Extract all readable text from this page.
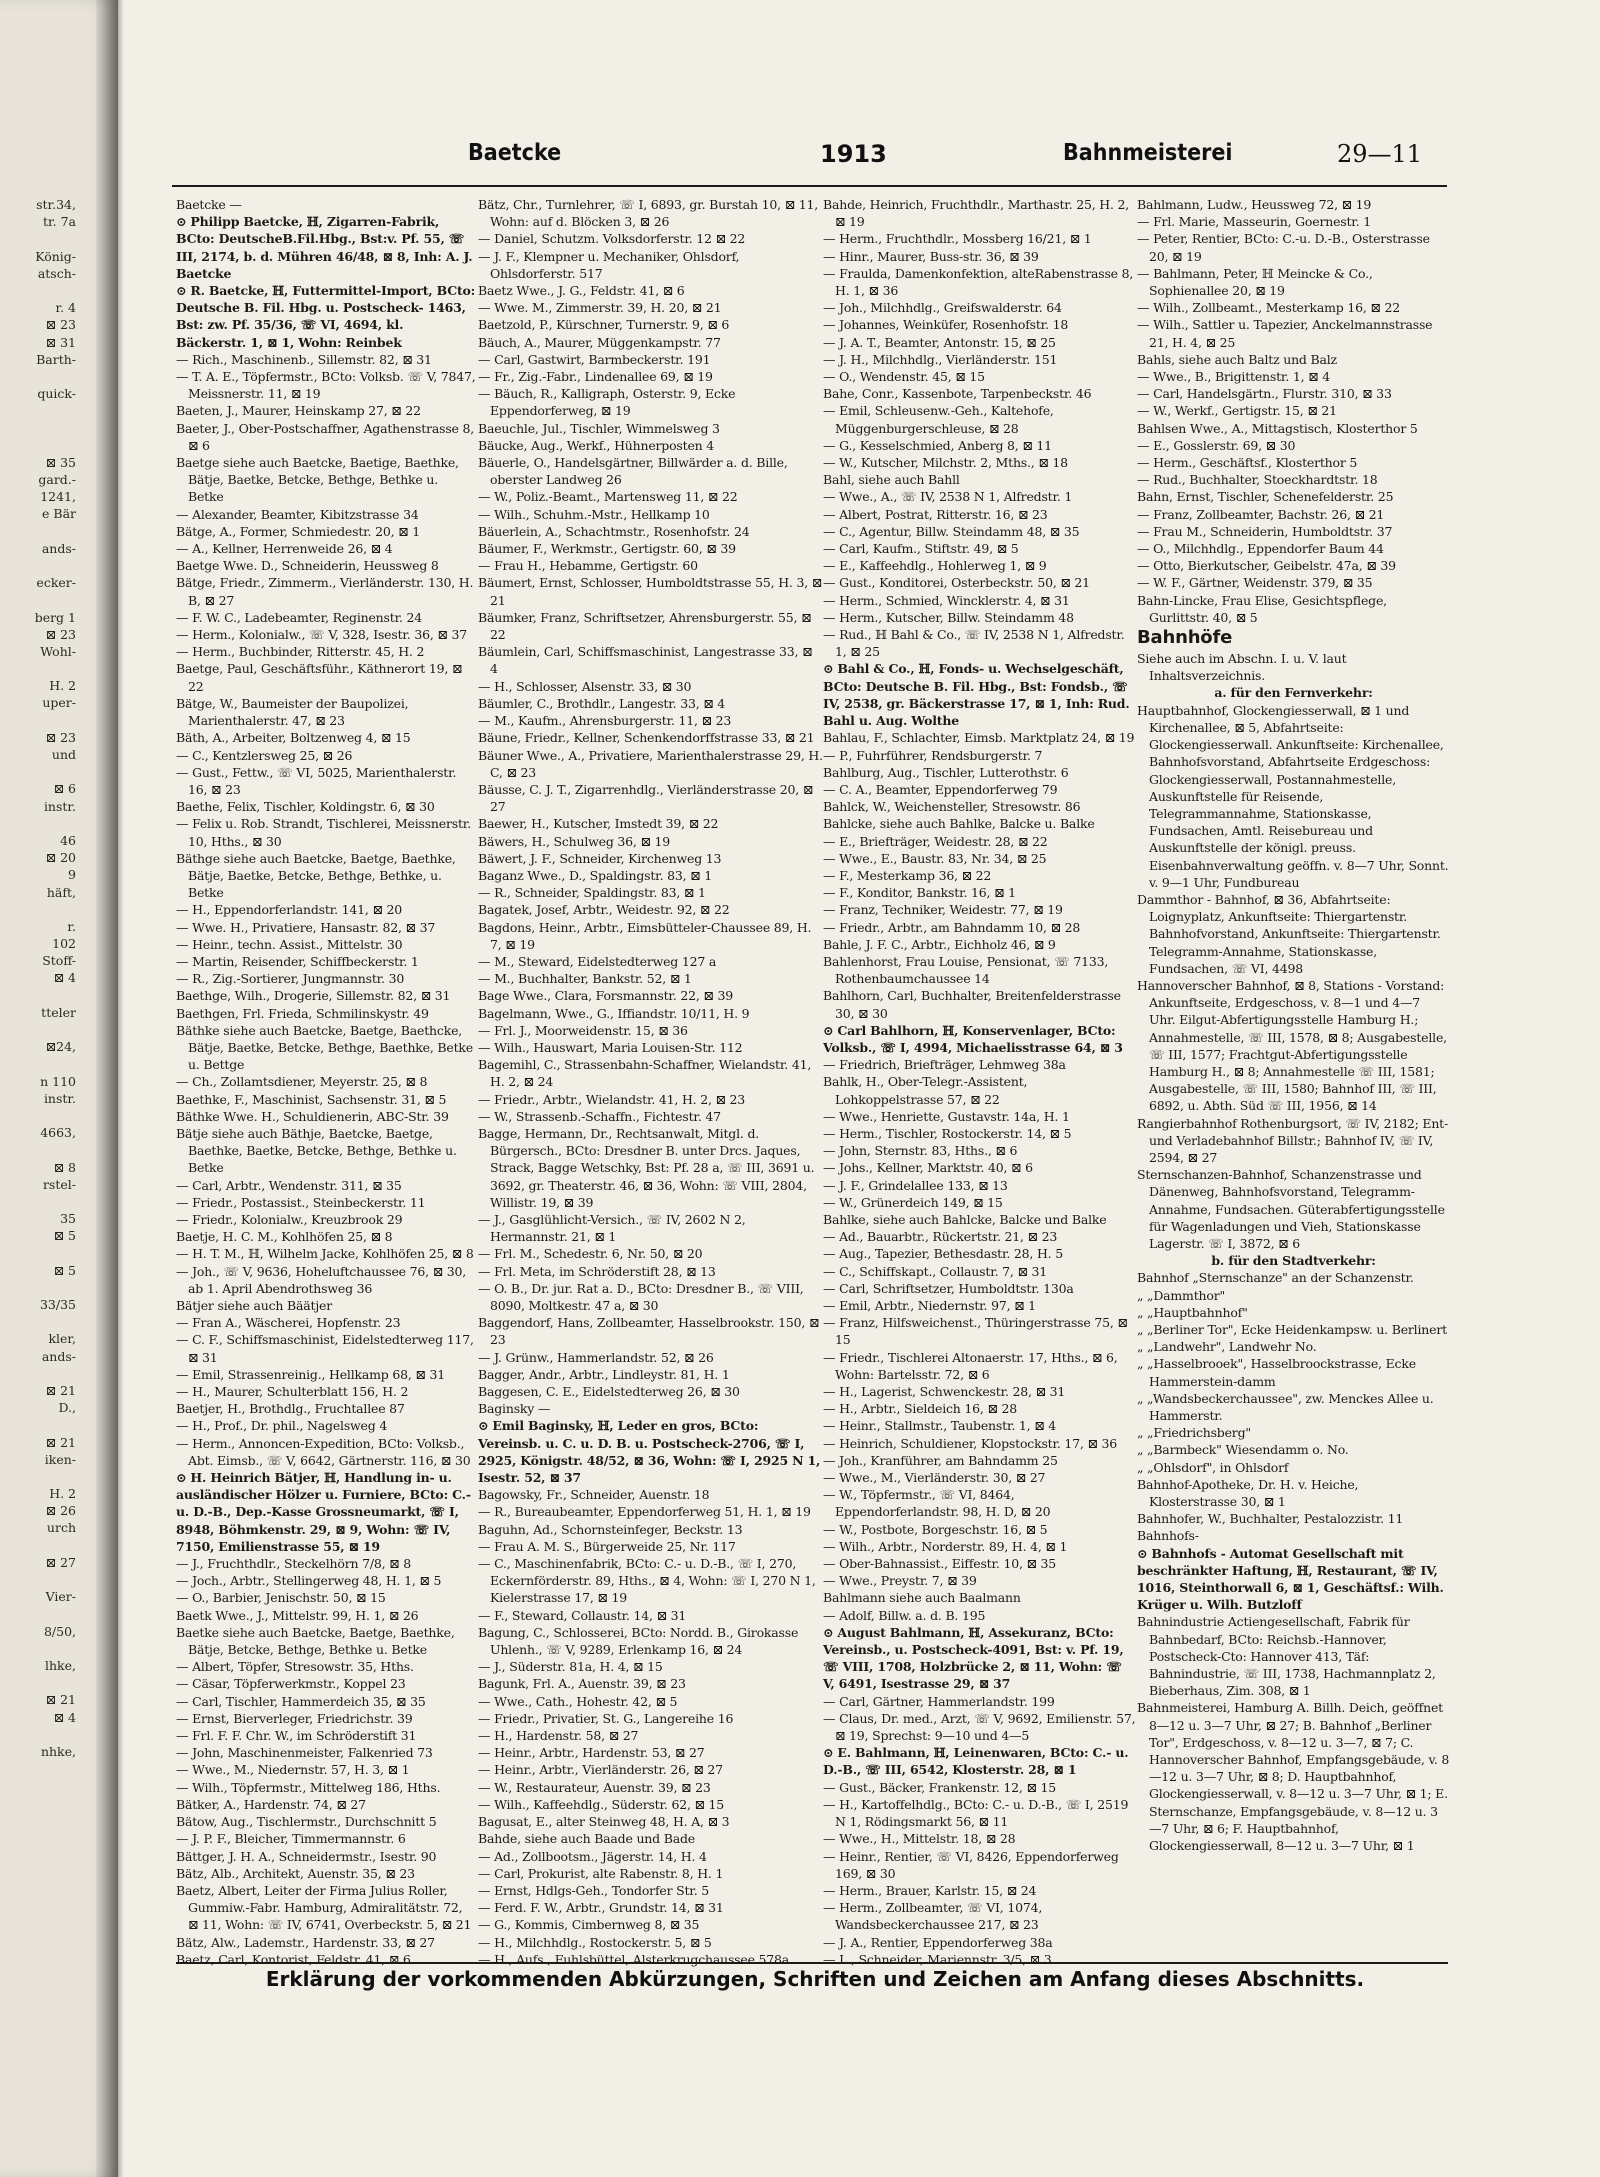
str.34,
tr. 7a
König-
atsch-
r. 4
⊠ 23
⊠ 31
Barth-
quick-
⊠ 35
gard.-
1241,
e Bär
ands-
ecker-
berg 1
⊠ 23
Wohl-
H. 2
uper-
⊠ 23
und
⊠ 6
instr.
46
⊠ 20
9
häft,
r.
102
Stoff-
⊠ 4
tteler
⊠24,
n 110
instr.
4663,
⊠ 8
rstel-
35
⊠ 5
⊠ 5
33/35
kler,
ands-
⊠ 21
D.,
⊠ 21
iken-
H. 2
⊠ 26
urch
⊠ 27
Vier-
8/50,
lhke,
⊠ 21
⊠ 4
nhke,
Baetcke	1913	Bahnmeisterei	29—11
Baetcke —
⊙ Philipp Baetcke, ℍ, Zigarren-Fabrik, BCto: DeutscheB.Fil.Hbg., Bst:v. Pf. 55, ☏ III, 2174, b. d. Mühren 46/48, ⊠ 8, Inh: A. J. Baetcke
⊙ R. Baetcke, ℍ, Futtermittel-Import, BCto: Deutsche B. Fil. Hbg. u. Postscheck- 1463, Bst: zw. Pf. 35/36, ☏ VI, 4694, kl. Bäckerstr. 1, ⊠ 1, Wohn: Reinbek
— Rich., Maschinenb., Sillemstr. 82, ⊠ 31
— T. A. E., Töpfermstr., BCto: Volksb. ☏ V, 7847, Meissnerstr. 11, ⊠ 19
Baeten, J., Maurer, Heinskamp 27, ⊠ 22
Baeter, J., Ober-Postschaffner, Agathenstrasse 8, ⊠ 6
Baetge siehe auch Baetcke, Baetige, Baethke, Bätje, Baetke, Betcke, Bethge, Bethke u. Betke
— Alexander, Beamter, Kibitzstrasse 34
Bätge, A., Former, Schmiedestr. 20, ⊠ 1
— A., Kellner, Herrenweide 26, ⊠ 4
Baetge Wwe. D., Schneiderin, Heussweg 8
Bätge, Friedr., Zimmerm., Vierländerstr. 130, H. B, ⊠ 27
— F. W. C., Ladebeamter, Reginenstr. 24
— Herm., Kolonialw., ☏ V, 328, Isestr. 36, ⊠ 37
— Herm., Buchbinder, Ritterstr. 45, H. 2
Baetge, Paul, Geschäftsführ., Käthnerort 19, ⊠ 22
Bätge, W., Baumeister der Baupolizei, Marienthalerstr. 47, ⊠ 23
Bäth, A., Arbeiter, Boltzenweg 4, ⊠ 15
— C., Kentzlersweg 25, ⊠ 26
— Gust., Fettw., ☏ VI, 5025, Marienthalerstr. 16, ⊠ 23
Baethe, Felix, Tischler, Koldingstr. 6, ⊠ 30
— Felix u. Rob. Strandt, Tischlerei, Meissnerstr. 10, Hths., ⊠ 30
Bäthge siehe auch Baetcke, Baetge, Baethke, Bätje, Baetke, Betcke, Bethge, Bethke, u. Betke
— H., Eppendorferlandstr. 141, ⊠ 20
— Wwe. H., Privatiere, Hansastr. 82, ⊠ 37
— Heinr., techn. Assist., Mittelstr. 30
— Martin, Reisender, Schiffbeckerstr. 1
— R., Zig.-Sortierer, Jungmannstr. 30
Baethge, Wilh., Drogerie, Sillemstr. 82, ⊠ 31
Baethgen, Frl. Frieda, Schmilinskystr. 49
Bäthke siehe auch Baetcke, Baetge, Baethcke, Bätje, Baetke, Betcke, Bethge, Baethke, Betke u. Bettge
— Ch., Zollamtsdiener, Meyerstr. 25, ⊠ 8
Baethke, F., Maschinist, Sachsenstr. 31, ⊠ 5
Bäthke Wwe. H., Schuldienerin, ABC-Str. 39
Bätje siehe auch Bäthje, Baetcke, Baetge, Baethke, Baetke, Betcke, Bethge, Bethke u. Betke
— Carl, Arbtr., Wendenstr. 311, ⊠ 35
— Friedr., Postassist., Steinbeckerstr. 11
— Friedr., Kolonialw., Kreuzbrook 29
Baetje, H. C. M., Kohlhöfen 25, ⊠ 8
— H. T. M., ℍ, Wilhelm Jacke, Kohlhöfen 25, ⊠ 8
— Joh., ☏ V, 9636, Hoheluftchaussee 76, ⊠ 30, ab 1. April Abendrothsweg 36
Bätjer siehe auch Bäätjer
— Fran A., Wäscherei, Hopfenstr. 23
— C. F., Schiffsmaschinist, Eidelstedterweg 117, ⊠ 31
— Emil, Strassenreinig., Hellkamp 68, ⊠ 31
— H., Maurer, Schulterblatt 156, H. 2
Baetjer, H., Brothdlg., Fruchtallee 87
— H., Prof., Dr. phil., Nagelsweg 4
— Herm., Annoncen-Expedition, BCto: Volksb., Abt. Eimsb., ☏ V, 6642, Gärtnerstr. 116, ⊠ 30
⊙ H. Heinrich Bätjer, ℍ, Handlung in- u. ausländischer Hölzer u. Furniere, BCto: C.- u. D.-B., Dep.-Kasse Grossneumarkt, ☏ I, 8948, Böhmkenstr. 29, ⊠ 9, Wohn: ☏ IV, 7150, Emilienstrasse 55, ⊠ 19
— J., Fruchthdlr., Steckelhörn 7/8, ⊠ 8
— Joch., Arbtr., Stellingerweg 48, H. 1, ⊠ 5
— O., Barbier, Jenischstr. 50, ⊠ 15
Baetk Wwe., J., Mittelstr. 99, H. 1, ⊠ 26
Baetke siehe auch Baetcke, Baetge, Baethke, Bätje, Betcke, Bethge, Bethke u. Betke
— Albert, Töpfer, Stresowstr. 35, Hths.
— Cäsar, Töpferwerkmstr., Koppel 23
— Carl, Tischler, Hammerdeich 35, ⊠ 35
— Ernst, Bierverleger, Friedrichstr. 39
— Frl. F. F. Chr. W., im Schröderstift 31
— John, Maschinenmeister, Falkenried 73
— Wwe., M., Niedernstr. 57, H. 3, ⊠ 1
— Wilh., Töpfermstr., Mittelweg 186, Hths.
Bätker, A., Hardenstr. 74, ⊠ 27
Bätow, Aug., Tischlermstr., Durchschnitt 5
— J. P. F., Bleicher, Timmermannstr. 6
Bättger, J. H. A., Schneidermstr., Isestr. 90
Bätz, Alb., Architekt, Auenstr. 35, ⊠ 23
Baetz, Albert, Leiter der Firma Julius Roller, Gummiw.-Fabr. Hamburg, Admiralitätstr. 72, ⊠ 11, Wohn: ☏ IV, 6741, Overbeckstr. 5, ⊠ 21
Bätz, Alw., Lademstr., Hardenstr. 33, ⊠ 27
Baetz, Carl, Kontorist, Feldstr. 41, ⊠ 6
Bätz, Chr., Turnlehrer, ☏ I, 6893, gr. Burstah 10, ⊠ 11, Wohn: auf d. Blöcken 3, ⊠ 26
— Daniel, Schutzm. Volksdorferstr. 12 ⊠ 22
— J. F., Klempner u. Mechaniker, Ohlsdorf, Ohlsdorferstr. 517
Baetz Wwe., J. G., Feldstr. 41, ⊠ 6
— Wwe. M., Zimmerstr. 39, H. 20, ⊠ 21
Baetzold, P., Kürschner, Turnerstr. 9, ⊠ 6
Bäuch, A., Maurer, Müggenkampstr. 77
— Carl, Gastwirt, Barmbeckerstr. 191
— Fr., Zig.-Fabr., Lindenallee 69, ⊠ 19
— Bäuch, R., Kalligraph, Osterstr. 9, Ecke Eppendorferweg, ⊠ 19
Baeuchle, Jul., Tischler, Wimmelsweg 3
Bäucke, Aug., Werkf., Hühnerposten 4
Bäuerle, O., Handelsgärtner, Billwärder a. d. Bille, oberster Landweg 26
— W., Poliz.-Beamt., Martensweg 11, ⊠ 22
— Wilh., Schuhm.-Mstr., Hellkamp 10
Bäuerlein, A., Schachtmstr., Rosenhofstr. 24
Bäumer, F., Werkmstr., Gertigstr. 60, ⊠ 39
— Frau H., Hebamme, Gertigstr. 60
Bäumert, Ernst, Schlosser, Humboldtstrasse 55, H. 3, ⊠ 21
Bäumker, Franz, Schriftsetzer, Ahrensburgerstr. 55, ⊠ 22
Bäumlein, Carl, Schiffsmaschinist, Langestrasse 33, ⊠ 4
— H., Schlosser, Alsenstr. 33, ⊠ 30
Bäumler, C., Brothdlr., Langestr. 33, ⊠ 4
— M., Kaufm., Ahrensburgerstr. 11, ⊠ 23
Bäune, Friedr., Kellner, Schenkendorffstrasse 33, ⊠ 21
Bäuner Wwe., A., Privatiere, Marienthalerstrasse 29, H. C, ⊠ 23
Bäusse, C. J. T., Zigarrenhdlg., Vierländerstrasse 20, ⊠ 27
Baewer, H., Kutscher, Imstedt 39, ⊠ 22
Bäwers, H., Schulweg 36, ⊠ 19
Bäwert, J. F., Schneider, Kirchenweg 13
Baganz Wwe., D., Spaldingstr. 83, ⊠ 1
— R., Schneider, Spaldingstr. 83, ⊠ 1
Bagatek, Josef, Arbtr., Weidestr. 92, ⊠ 22
Bagdons, Heinr., Arbtr., Eimsbütteler-Chaussee 89, H. 7, ⊠ 19
— M., Steward, Eidelstedterweg 127 a
— M., Buchhalter, Bankstr. 52, ⊠ 1
Bage Wwe., Clara, Forsmannstr. 22, ⊠ 39
Bagelmann, Wwe., G., Iffiandstr. 10/11, H. 9
— Frl. J., Moorweidenstr. 15, ⊠ 36
— Wilh., Hauswart, Maria Louisen-Str. 112
Bagemihl, C., Strassenbahn-Schaffner, Wielandstr. 41, H. 2, ⊠ 24
— Friedr., Arbtr., Wielandstr. 41, H. 2, ⊠ 23
— W., Strassenb.-Schaffn., Fichtestr. 47
Bagge, Hermann, Dr., Rechtsanwalt, Mitgl. d. Bürgersch., BCto: Dresdner B. unter Drcs. Jaques, Strack, Bagge Wetschky, Bst: Pf. 28 a, ☏ III, 3691 u. 3692, gr. Theaterstr. 46, ⊠ 36, Wohn: ☏ VIII, 2804, Willistr. 19, ⊠ 39
— J., Gasglühlicht-Versich., ☏ IV, 2602 N 2, Hermannstr. 21, ⊠ 1
— Frl. M., Schedestr. 6, Nr. 50, ⊠ 20
— Frl. Meta, im Schröderstift 28, ⊠ 13
— O. B., Dr. jur. Rat a. D., BCto: Dresdner B., ☏ VIII, 8090, Moltkestr. 47 a, ⊠ 30
Baggendorf, Hans, Zollbeamter, Hasselbrookstr. 150, ⊠ 23
— J. Grünw., Hammerlandstr. 52, ⊠ 26
Bagger, Andr., Arbtr., Lindleystr. 81, H. 1
Baggesen, C. E., Eidelstedterweg 26, ⊠ 30
Baginsky —
⊙ Emil Baginsky, ℍ, Leder en gros, BCto: Vereinsb. u. C. u. D. B. u. Postscheck-2706, ☏ I, 2925, Königstr. 48/52, ⊠ 36, Wohn: ☏ I, 2925 N 1, Isestr. 52, ⊠ 37
Bagowsky, Fr., Schneider, Auenstr. 18
— R., Bureaubeamter, Eppendorferweg 51, H. 1, ⊠ 19
Baguhn, Ad., Schornsteinfeger, Beckstr. 13
— Frau A. M. S., Bürgerweide 25, Nr. 117
— C., Maschinenfabrik, BCto: C.- u. D.-B., ☏ I, 270, Eckernförderstr. 89, Hths., ⊠ 4, Wohn: ☏ I, 270 N 1, Kielerstrasse 17, ⊠ 19
— F., Steward, Collaustr. 14, ⊠ 31
Bagung, C., Schlosserei, BCto: Nordd. B., Girokasse Uhlenh., ☏ V, 9289, Erlenkamp 16, ⊠ 24
— J., Süderstr. 81a, H. 4, ⊠ 15
Bagunk, Frl. A., Auenstr. 39, ⊠ 23
— Wwe., Cath., Hohestr. 42, ⊠ 5
— Friedr., Privatier, St. G., Langereihe 16
— H., Hardenstr. 58, ⊠ 27
— Heinr., Arbtr., Hardenstr. 53, ⊠ 27
— Heinr., Arbtr., Vierländerstr. 26, ⊠ 27
— W., Restaurateur, Auenstr. 39, ⊠ 23
— Wilh., Kaffeehdlg., Süderstr. 62, ⊠ 15
Bagusat, E., alter Steinweg 48, H. A, ⊠ 3
Bahde, siehe auch Baade und Bade
— Ad., Zollbootsm., Jägerstr. 14, H. 4
— Carl, Prokurist, alte Rabenstr. 8, H. 1
— Ernst, Hdlgs-Geh., Tondorfer Str. 5
— Ferd. F. W., Arbtr., Grundstr. 14, ⊠ 31
— G., Kommis, Cimbernweg 8, ⊠ 35
— H., Milchhdlg., Rostockerstr. 5, ⊠ 5
— H., Aufs., Fuhlsbüttel, Alsterkrugchaussee 578a
Bahde, Heinrich, Fruchthdlr., Marthastr. 25, H. 2, ⊠ 19
— Herm., Fruchthdlr., Mossberg 16/21, ⊠ 1
— Hinr., Maurer, Buss-str. 36, ⊠ 39
— Fraulda, Damenkonfektion, alteRabenstrasse 8, H. 1, ⊠ 36
— Joh., Milchhdlg., Greifswalderstr. 64
— Johannes, Weinküfer, Rosenhofstr. 18
— J. A. T., Beamter, Antonstr. 15, ⊠ 25
— J. H., Milchhdlg., Vierländerstr. 151
— O., Wendenstr. 45, ⊠ 15
Bahe, Conr., Kassenbote, Tarpenbeckstr. 46
— Emil, Schleusenw.-Geh., Kaltehofe, Müggenburgerschleuse, ⊠ 28
— G., Kesselschmied, Anberg 8, ⊠ 11
— W., Kutscher, Milchstr. 2, Mths., ⊠ 18
Bahl, siehe auch Bahll
— Wwe., A., ☏ IV, 2538 N 1, Alfredstr. 1
— Albert, Postrat, Ritterstr. 16, ⊠ 23
— C., Agentur, Billw. Steindamm 48, ⊠ 35
— Carl, Kaufm., Stiftstr. 49, ⊠ 5
— E., Kaffeehdlg., Hohlerweg 1, ⊠ 9
— Gust., Konditorei, Osterbeckstr. 50, ⊠ 21
— Herm., Schmied, Wincklerstr. 4, ⊠ 31
— Herm., Kutscher, Billw. Steindamm 48
— Rud., ℍ Bahl & Co., ☏ IV, 2538 N 1, Alfredstr. 1, ⊠ 25
⊙ Bahl & Co., ℍ, Fonds- u. Wechselgeschäft, BCto: Deutsche B. Fil. Hbg., Bst: Fondsb., ☏ IV, 2538, gr. Bäckerstrasse 17, ⊠ 1, Inh: Rud. Bahl u. Aug. Wolthe
Bahlau, F., Schlachter, Eimsb. Marktplatz 24, ⊠ 19
— P., Fuhrführer, Rendsburgerstr. 7
Bahlburg, Aug., Tischler, Lutterothstr. 6
— C. A., Beamter, Eppendorferweg 79
Bahlck, W., Weichensteller, Stresowstr. 86
Bahlcke, siehe auch Bahlke, Balcke u. Balke
— E., Briefträger, Weidestr. 28, ⊠ 22
— Wwe., E., Baustr. 83, Nr. 34, ⊠ 25
— F., Mesterkamp 36, ⊠ 22
— F., Konditor, Bankstr. 16, ⊠ 1
— Franz, Techniker, Weidestr. 77, ⊠ 19
— Friedr., Arbtr., am Bahndamm 10, ⊠ 28
Bahle, J. F. C., Arbtr., Eichholz 46, ⊠ 9
Bahlenhorst, Frau Louise, Pensionat, ☏ 7133, Rothenbaumchaussee 14
Bahlhorn, Carl, Buchhalter, Breitenfelderstrasse 30, ⊠ 30
⊙ Carl Bahlhorn, ℍ, Konservenlager, BCto: Volksb., ☏ I, 4994, Michaelisstrasse 64, ⊠ 3
— Friedrich, Briefträger, Lehmweg 38a
Bahlk, H., Ober-Telegr.-Assistent, Lohkoppelstrasse 57, ⊠ 22
— Wwe., Henriette, Gustavstr. 14a, H. 1
— Herm., Tischler, Rostockerstr. 14, ⊠ 5
— John, Sternstr. 83, Hths., ⊠ 6
— Johs., Kellner, Marktstr. 40, ⊠ 6
— J. F., Grindelallee 133, ⊠ 13
— W., Grünerdeich 149, ⊠ 15
Bahlke, siehe auch Bahlcke, Balcke und Balke
— Ad., Bauarbtr., Rückertstr. 21, ⊠ 23
— Aug., Tapezier, Bethesdastr. 28, H. 5
— C., Schiffskapt., Collaustr. 7, ⊠ 31
— Carl, Schriftsetzer, Humboldtstr. 130a
— Emil, Arbtr., Niedernstr. 97, ⊠ 1
— Franz, Hilfsweichenst., Thüringerstrasse 75, ⊠ 15
— Friedr., Tischlerei Altonaerstr. 17, Hths., ⊠ 6, Wohn: Bartelsstr. 72, ⊠ 6
— H., Lagerist, Schwenckestr. 28, ⊠ 31
— H., Arbtr., Sieldeich 16, ⊠ 28
— Heinr., Stallmstr., Taubenstr. 1, ⊠ 4
— Heinrich, Schuldiener, Klopstockstr. 17, ⊠ 36
— Joh., Kranführer, am Bahndamm 25
— Wwe., M., Vierländerstr. 30, ⊠ 27
— W., Töpfermstr., ☏ VI, 8464, Eppendorferlandstr. 98, H. D, ⊠ 20
— W., Postbote, Borgeschstr. 16, ⊠ 5
— Wilh., Arbtr., Norderstr. 89, H. 4, ⊠ 1
— Ober-Bahnassist., Eiffestr. 10, ⊠ 35
— Wwe., Preystr. 7, ⊠ 39
Bahlmann siehe auch Baalmann
— Adolf, Billw. a. d. B. 195
⊙ August Bahlmann, ℍ, Assekuranz, BCto: Vereinsb., u. Postscheck-4091, Bst: v. Pf. 19, ☏ VIII, 1708, Holzbrücke 2, ⊠ 11, Wohn: ☏ V, 6491, Isestrasse 29, ⊠ 37
— Carl, Gärtner, Hammerlandstr. 199
— Claus, Dr. med., Arzt, ☏ V, 9692, Emilienstr. 57, ⊠ 19, Sprechst: 9—10 und 4—5
⊙ E. Bahlmann, ℍ, Leinenwaren, BCto: C.- u. D.-B., ☏ III, 6542, Klosterstr. 28, ⊠ 1
— Gust., Bäcker, Frankenstr. 12, ⊠ 15
— H., Kartoffelhdlg., BCto: C.- u. D.-B., ☏ I, 2519 N 1, Rödingsmarkt 56, ⊠ 11
— Wwe., H., Mittelstr. 18, ⊠ 28
— Heinr., Rentier, ☏ VI, 8426, Eppendorferweg 169, ⊠ 30
— Herm., Brauer, Karlstr. 15, ⊠ 24
— Herm., Zollbeamter, ☏ VI, 1074, Wandsbeckerchaussee 217, ⊠ 23
— J. A., Rentier, Eppendorferweg 38a
— L., Schneider, Mariennstr. 3/5, ⊠ 3
Bahlmann, Ludw., Heussweg 72, ⊠ 19
— Frl. Marie, Masseurin, Goernestr. 1
— Peter, Rentier, BCto: C.-u. D.-B., Osterstrasse 20, ⊠ 19
— Bahlmann, Peter, ℍ Meincke & Co., Sophienallee 20, ⊠ 19
— Wilh., Zollbeamt., Mesterkamp 16, ⊠ 22
— Wilh., Sattler u. Tapezier, Anckelmannstrasse 21, H. 4, ⊠ 25
Bahls, siehe auch Baltz und Balz
— Wwe., B., Brigittenstr. 1, ⊠ 4
— Carl, Handelsgärtn., Flurstr. 310, ⊠ 33
— W., Werkf., Gertigstr. 15, ⊠ 21
Bahlsen Wwe., A., Mittagstisch, Klosterthor 5
— E., Gosslerstr. 69, ⊠ 30
— Herm., Geschäftsf., Klosterthor 5
— Rud., Buchhalter, Stoeckhardtstr. 18
Bahn, Ernst, Tischler, Schenefelderstr. 25
— Franz, Zollbeamter, Bachstr. 26, ⊠ 21
— Frau M., Schneiderin, Humboldtstr. 37
— O., Milchhdlg., Eppendorfer Baum 44
— Otto, Bierkutscher, Geibelstr. 47a, ⊠ 39
— W. F., Gärtner, Weidenstr. 379, ⊠ 35
Bahn-Lincke, Frau Elise, Gesichtspflege, Gurlittstr. 40, ⊠ 5
Bahnhöfe
Siehe auch im Abschn. I. u. V. laut Inhaltsverzeichnis.
a. für den Fernverkehr:
Hauptbahnhof, Glockengiesserwall, ⊠ 1 und Kirchenallee, ⊠ 5, Abfahrtseite: Glockengiesserwall. Ankunftseite: Kirchenallee, Bahnhofsvorstand, Abfahrtseite Erdgeschoss: Glockengiesserwall, Postannahmestelle, Auskunftstelle für Reisende, Telegrammannahme, Stationskasse, Fundsachen, Amtl. Reisebureau und Auskunftstelle der königl. preuss. Eisenbahnverwaltung geöffn. v. 8—7 Uhr, Sonnt. v. 9—1 Uhr, Fundbureau
Dammthor - Bahnhof, ⊠ 36, Abfahrtseite: Loignyplatz, Ankunftseite: Thiergartenstr. Bahnhofvorstand, Ankunftseite: Thiergartenstr. Telegramm-Annahme, Stationskasse, Fundsachen, ☏ VI, 4498
Hannoverscher Bahnhof, ⊠ 8, Stations - Vorstand: Ankunftseite, Erdgeschoss, v. 8—1 und 4—7 Uhr. Eilgut-Abfertigungsstelle Hamburg H.; Annahmestelle, ☏ III, 1578, ⊠ 8; Ausgabestelle, ☏ III, 1577; Frachtgut-Abfertigungsstelle Hamburg H., ⊠ 8; Annahmestelle ☏ III, 1581; Ausgabestelle, ☏ III, 1580; Bahnhof III, ☏ III, 6892, u. Abth. Süd ☏ III, 1956, ⊠ 14
Rangierbahnhof Rothenburgsort, ☏ IV, 2182; Ent- und Verladebahnhof Billstr.; Bahnhof IV, ☏ IV, 2594, ⊠ 27
Sternschanzen-Bahnhof, Schanzenstrasse und Dänenweg, Bahnhofsvorstand, Telegramm-Annahme, Fundsachen. Güterabfertigungsstelle für Wagenladungen und Vieh, Stationskasse Lagerstr. ☏ I, 3872, ⊠ 6
b. für den Stadtverkehr:
Bahnhof „Sternschanze" an der Schanzenstr.
„ „Dammthor"
„ „Hauptbahnhof"
„ „Berliner Tor", Ecke Heidenkampsw. u. Berlinert
„ „Landwehr", Landwehr No.
„ „Hasselbrooek", Hasselbroockstrasse, Ecke Hammerstein-damm
„ „Wandsbeckerchaussee", zw. Menckes Allee u. Hammerstr.
„ „Friedrichsberg"
„ „Barmbeck" Wiesendamm o. No.
„ „Ohlsdorf", in Ohlsdorf
Bahnhof-Apotheke, Dr. H. v. Heiche, Klosterstrasse 30, ⊠ 1
Bahnhofer, W., Buchhalter, Pestalozzistr. 11
Bahnhofs-
⊙ Bahnhofs - Automat Gesellschaft mit beschränkter Haftung, ℍ, Restaurant, ☏ IV, 1016, Steinthorwall 6, ⊠ 1, Geschäftsf.: Wilh. Krüger u. Wilh. Butzloff
Bahnindustrie Actiengesellschaft, Fabrik für Bahnbedarf, BCto: Reichsb.-Hannover, Postscheck-Cto: Hannover 413, Täf: Bahnindustrie, ☏ III, 1738, Hachmannplatz 2, Bieberhaus, Zim. 308, ⊠ 1
Bahnmeisterei, Hamburg A. Billh. Deich, geöffnet 8—12 u. 3—7 Uhr, ⊠ 27; B. Bahnhof „Berliner Tor", Erdgeschoss, v. 8—12 u. 3—7, ⊠ 7; C. Hannoverscher Bahnhof, Empfangsgebäude, v. 8—12 u. 3—7 Uhr, ⊠ 8; D. Hauptbahnhof, Glockengiesserwall, v. 8—12 u. 3—7 Uhr, ⊠ 1; E. Sternschanze, Empfangsgebäude, v. 8—12 u. 3—7 Uhr, ⊠ 6; F. Hauptbahnhof, Glockengiesserwall, 8—12 u. 3—7 Uhr, ⊠ 1
Erklärung der vorkommenden Abkürzungen, Schriften und Zeichen am Anfang dieses Abschnitts.
